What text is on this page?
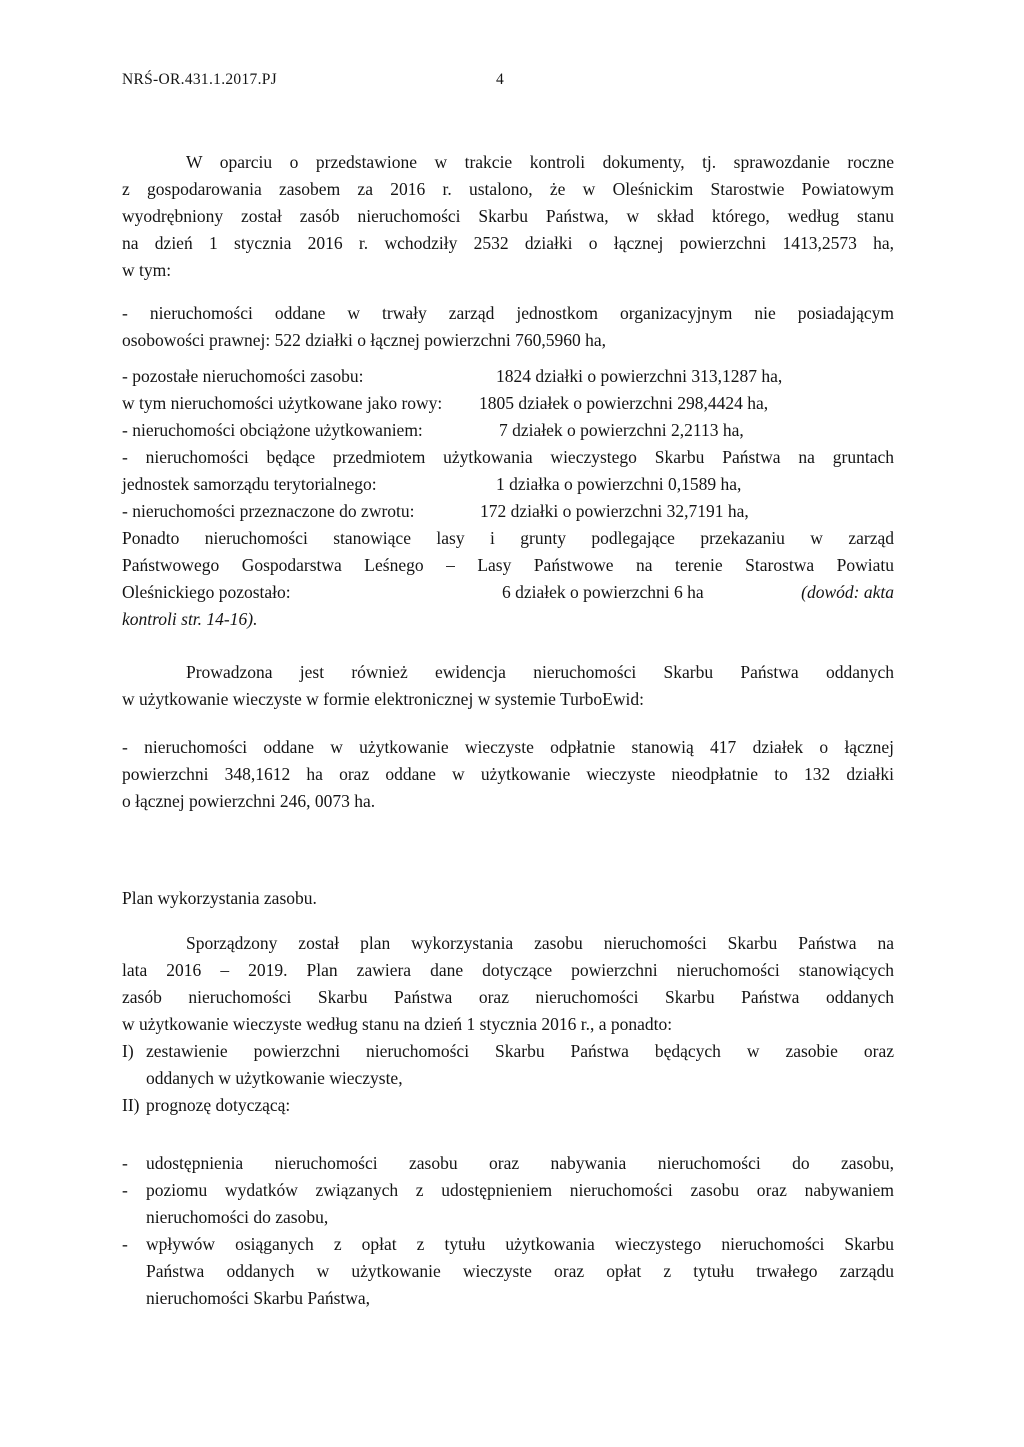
NRŚ-OR.431.1.2017.PJ	4
W oparciu o przedstawione w trakcie kontroli dokumenty, tj. sprawozdanie roczne
z gospodarowania zasobem za 2016 r. ustalono, że w Oleśnickim Starostwie Powiatowym
wyodrębniony został zasób nieruchomości Skarbu Państwa, w skład którego, według stanu
na dzień 1 stycznia 2016 r. wchodziły 2532 działki o łącznej powierzchni 1413,2573 ha,
w tym:
- nieruchomości oddane w trwały zarząd jednostkom organizacyjnym nie posiadającym
osobowości prawnej: 522 działki o łącznej powierzchni 760,5960 ha,
- pozostałe nieruchomości zasobu:	1824 działki o powierzchni 313,1287 ha,
w tym nieruchomości użytkowane jako rowy: 1805 działek o powierzchni 298,4424 ha,
- nieruchomości obciążone użytkowaniem:	7 działek o powierzchni 2,2113 ha,
- nieruchomości będące przedmiotem użytkowania wieczystego Skarbu Państwa na gruntach
jednostek samorządu terytorialnego:	1 działka o powierzchni 0,1589 ha,
- nieruchomości przeznaczone do zwrotu:	172 działki o powierzchni 32,7191 ha,
Ponadto nieruchomości stanowiące lasy i grunty podlegające przekazaniu w zarząd
Państwowego Gospodarstwa Leśnego – Lasy Państwowe na terenie Starostwa Powiatu
Oleśnickiego pozostało:	6 działek o powierzchni 6 ha	(dowód: akta
kontroli str. 14-16).
Prowadzona jest również ewidencja nieruchomości Skarbu Państwa oddanych
w użytkowanie wieczyste w formie elektronicznej w systemie TurboEwid:
- nieruchomości oddane w użytkowanie wieczyste odpłatnie stanowią 417 działek o łącznej
powierzchni 348,1612 ha oraz oddane w użytkowanie wieczyste nieodpłatnie to 132 działki
o łącznej powierzchni 246, 0073 ha.
Plan wykorzystania zasobu.
Sporządzony został plan wykorzystania zasobu nieruchomości Skarbu Państwa na
lata 2016 – 2019. Plan zawiera dane dotyczące powierzchni nieruchomości stanowiących
zasób nieruchomości Skarbu Państwa oraz nieruchomości Skarbu Państwa oddanych
w użytkowanie wieczyste według stanu na dzień 1 stycznia 2016 r., a ponadto:
I) zestawienie powierzchni nieruchomości Skarbu Państwa będących w zasobie oraz
oddanych w użytkowanie wieczyste,
II) prognozę dotyczącą:
- udostępnienia nieruchomości zasobu oraz nabywania nieruchomości do zasobu,
- poziomu wydatków związanych z udostępnieniem nieruchomości zasobu oraz nabywaniem
nieruchomości do zasobu,
- wpływów osiąganych z opłat z tytułu użytkowania wieczystego nieruchomości Skarbu
Państwa oddanych w użytkowanie wieczyste oraz opłat z tytułu trwałego zarządu
nieruchomości Skarbu Państwa,
